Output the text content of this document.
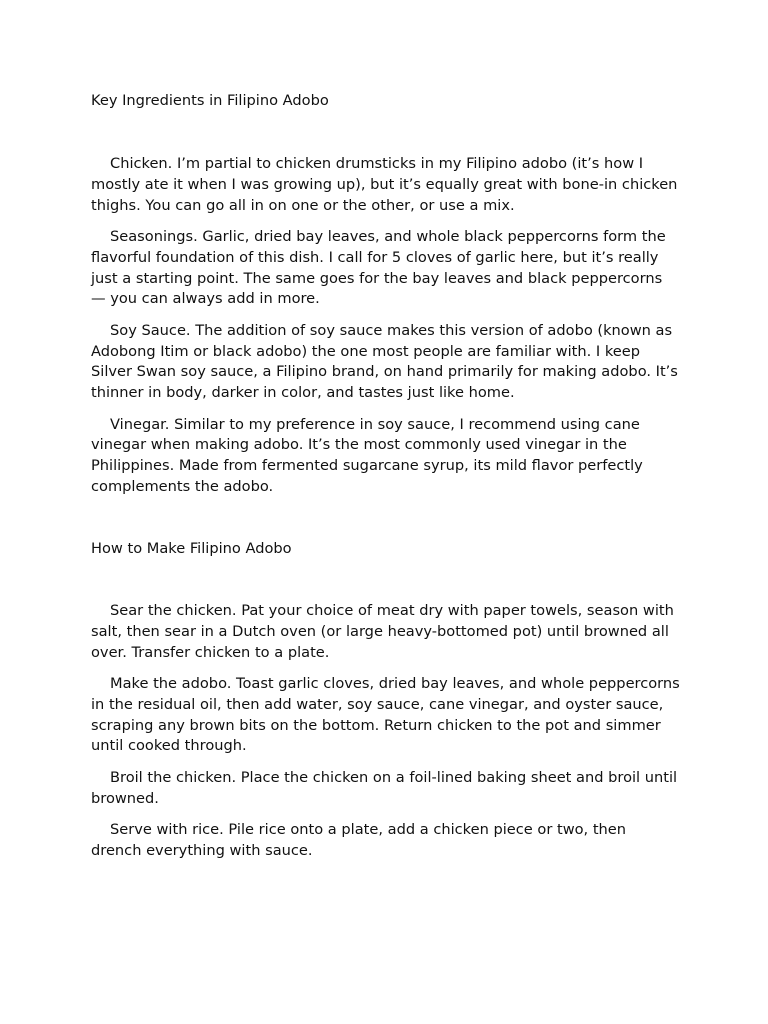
Key Ingredients in Filipino Adobo

Chicken. I’m partial to chicken drumsticks in my Filipino adobo (it’s how I mostly ate it when I was growing up), but it’s equally great with bone-in chicken thighs. You can go all in on one or the other, or use a mix.

Seasonings. Garlic, dried bay leaves, and whole black peppercorns form the flavorful foundation of this dish. I call for 5 cloves of garlic here, but it’s really just a starting point. The same goes for the bay leaves and black peppercorns — you can always add in more.

Soy Sauce. The addition of soy sauce makes this version of adobo (known as Adobong Itim or black adobo) the one most people are familiar with. I keep Silver Swan soy sauce, a Filipino brand, on hand primarily for making adobo. It’s thinner in body, darker in color, and tastes just like home.

Vinegar. Similar to my preference in soy sauce, I recommend using cane vinegar when making adobo. It’s the most commonly used vinegar in the Philippines. Made from fermented sugarcane syrup, its mild flavor perfectly complements the adobo.

How to Make Filipino Adobo

Sear the chicken. Pat your choice of meat dry with paper towels, season with salt, then sear in a Dutch oven (or large heavy-bottomed pot) until browned all over. Transfer chicken to a plate.

Make the adobo. Toast garlic cloves, dried bay leaves, and whole peppercorns in the residual oil, then add water, soy sauce, cane vinegar, and oyster sauce, scraping any brown bits on the bottom. Return chicken to the pot and simmer until cooked through.

Broil the chicken. Place the chicken on a foil-lined baking sheet and broil until browned.

Serve with rice. Pile rice onto a plate, add a chicken piece or two, then drench everything with sauce.
